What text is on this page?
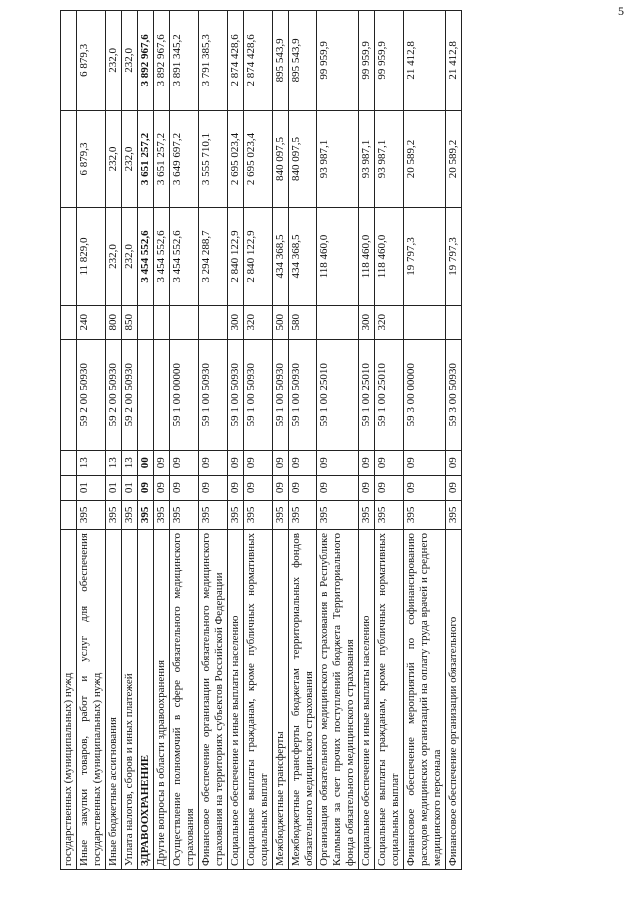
5
государственных (муниципальных) нужд								
Иные закупки товаров, работ и услуг для обеспечения государственных (муниципальных) нужд	395	01	13	59 2 00 50930	240	11 829,0	6 879,3	6 879,3
Иные бюджетные ассигнования	395	01	13	59 2 00 50930	800	232,0	232,0	232,0
Уплата налогов, сборов и иных платежей	395	01	13	59 2 00 50930	850	232,0	232,0	232,0
ЗДРАВООХРАНЕНИЕ	395	09	00			3 454 552,6	3 651 257,2	3 892 967,6
Другие вопросы в области здравоохранения	395	09	09			3 454 552,6	3 651 257,2	3 892 967,6
Осуществление полномочий в сфере обязательного медицинского страхования	395	09	09	59 1 00 00000		3 454 552,6	3 649 697,2	3 891 345,2
Финансовое обеспечение организации обязательного медицинского страхования на территориях субъектов Российской Федерации	395	09	09	59 1 00 50930		3 294 288,7	3 555 710,1	3 791 385,3
Социальное обеспечение и иные выплаты населению	395	09	09	59 1 00 50930	300	2 840 122,9	2 695 023,4	2 874 428,6
Социальные выплаты гражданам, кроме публичных нормативных социальных выплат	395	09	09	59 1 00 50930	320	2 840 122,9	2 695 023,4	2 874 428,6
Межбюджетные трансферты	395	09	09	59 1 00 50930	500	434 368,5	840 097,5	895 543,9
Межбюджетные трансферты бюджетам территориальных фондов обязательного медицинского страхования	395	09	09	59 1 00 50930	580	434 368,5	840 097,5	895 543,9
Организация обязательного медицинского страхования в Республике Калмыкия за счет прочих поступлений бюджета Территориального фонда обязательного медицинского страхования	395	09	09	59 1 00 25010		118 460,0	93 987,1	99 959,9
Социальное обеспечение и иные выплаты населению	395	09	09	59 1 00 25010	300	118 460,0	93 987,1	99 959,9
Социальные выплаты гражданам, кроме публичных нормативных социальных выплат	395	09	09	59 1 00 25010	320	118 460,0	93 987,1	99 959,9
Финансовое обеспечение мероприятий по софинансированию расходов медицинских организаций на оплату труда врачей и среднего медицинского персонала	395	09	09	59 3 00 00000		19 797,3	20 589,2	21 412,8
Финансовое обеспечение организации обязательного	395	09	09	59 3 00 50930		19 797,3	20 589,2	21 412,8
